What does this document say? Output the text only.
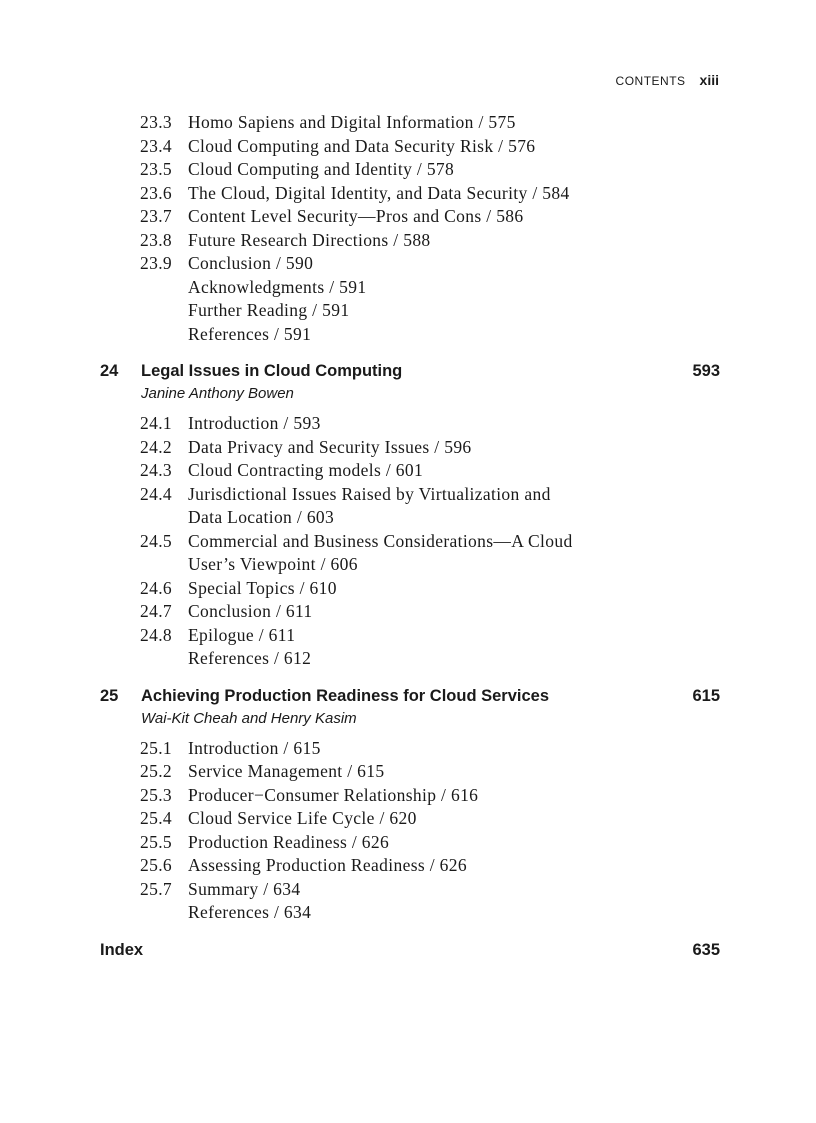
CONTENTS xiii
23.3 Homo Sapiens and Digital Information / 575
23.4 Cloud Computing and Data Security Risk / 576
23.5 Cloud Computing and Identity / 578
23.6 The Cloud, Digital Identity, and Data Security / 584
23.7 Content Level Security—Pros and Cons / 586
23.8 Future Research Directions / 588
23.9 Conclusion / 590
Acknowledgments / 591
Further Reading / 591
References / 591
24 Legal Issues in Cloud Computing	593
Janine Anthony Bowen
24.1 Introduction / 593
24.2 Data Privacy and Security Issues / 596
24.3 Cloud Contracting models / 601
24.4 Jurisdictional Issues Raised by Virtualization and
Data Location / 603
24.5 Commercial and Business Considerations—A Cloud
User’s Viewpoint / 606
24.6 Special Topics / 610
24.7 Conclusion / 611
24.8 Epilogue / 611
References / 612
25 Achieving Production Readiness for Cloud Services	615
Wai-Kit Cheah and Henry Kasim
25.1 Introduction / 615
25.2 Service Management / 615
25.3 Producer−Consumer Relationship / 616
25.4 Cloud Service Life Cycle / 620
25.5 Production Readiness / 626
25.6 Assessing Production Readiness / 626
25.7 Summary / 634
References / 634
Index	635
